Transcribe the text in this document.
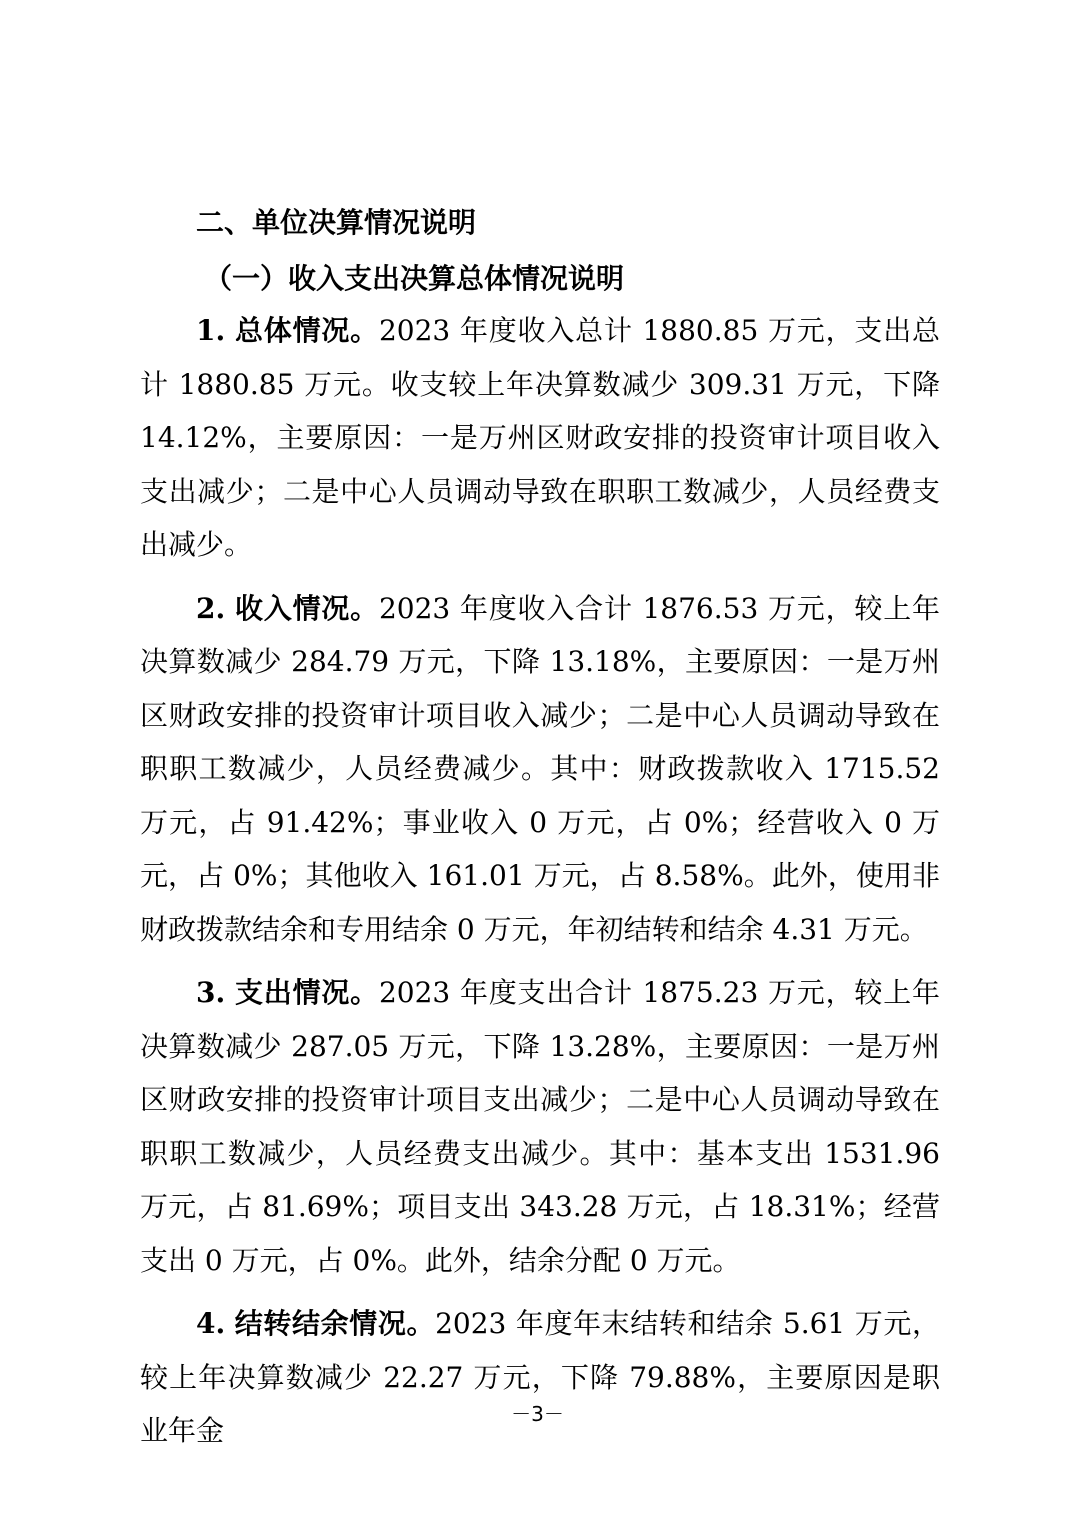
二、单位决算情况说明
（一）收入支出决算总体情况说明

1. 总体情况。2023 年度收入总计 1880.85 万元，支出总计 1880.85 万元。收支较上年决算数减少 309.31 万元，下降 14.12%，主要原因：一是万州区财政安排的投资审计项目收入支出减少；二是中心人员调动导致在职职工数减少，人员经费支出减少。

2. 收入情况。2023 年度收入合计 1876.53 万元，较上年决算数减少 284.79 万元，下降 13.18%，主要原因：一是万州区财政安排的投资审计项目收入减少；二是中心人员调动导致在职职工数减少，人员经费减少。其中：财政拨款收入 1715.52 万元，占 91.42%；事业收入 0 万元，占 0%；经营收入 0 万元，占 0%；其他收入 161.01 万元，占 8.58%。此外，使用非财政拨款结余和专用结余 0 万元，年初结转和结余 4.31 万元。

3. 支出情况。2023 年度支出合计 1875.23 万元，较上年决算数减少 287.05 万元，下降 13.28%，主要原因：一是万州区财政安排的投资审计项目支出减少；二是中心人员调动导致在职职工数减少，人员经费支出减少。其中：基本支出 1531.96 万元，占 81.69%；项目支出 343.28 万元，占 18.31%；经营支出 0 万元，占 0%。此外，结余分配 0 万元。

4. 结转结余情况。2023 年度年末结转和结余 5.61 万元，较上年决算数减少 22.27 万元，下降 79.88%，主要原因是职业年金	－3－
